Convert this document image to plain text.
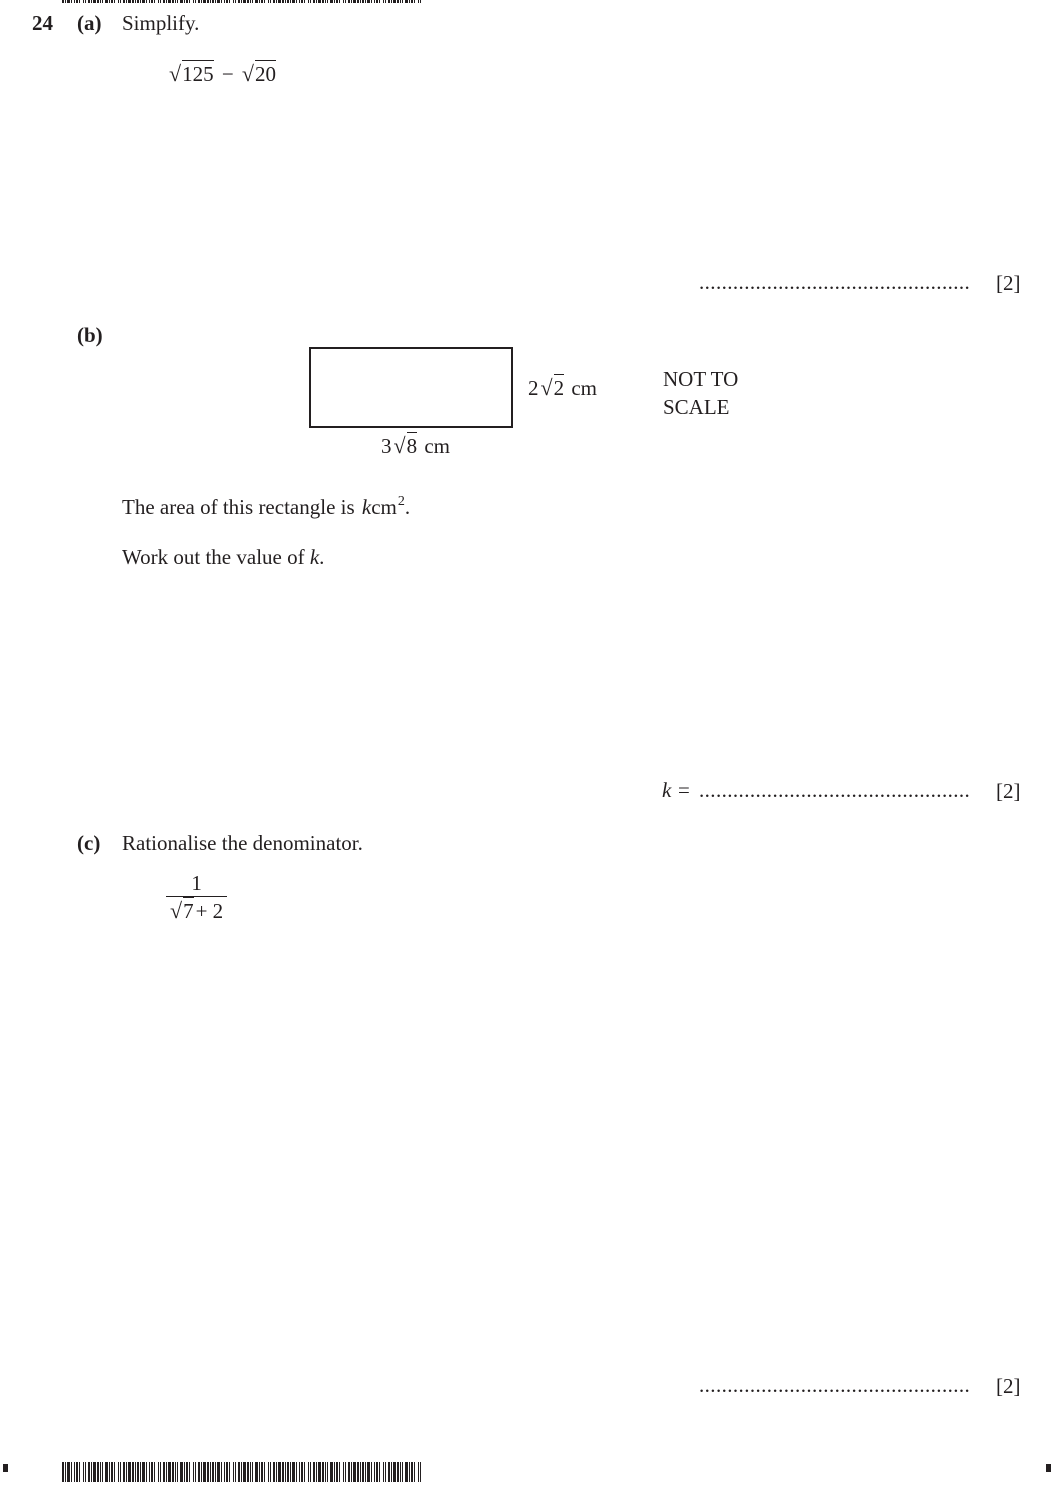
24 (a) Simplify.
√125 − √20
................................................ [2]
(b)
2√2 cm
3√8 cm
NOT TO
SCALE
The area of this rectangle is kcm$^2$.
Work out the value of k.
k = ................................................ [2]
(c) Rationalise the denominator.
$\frac{1}{√7+ 2}$
................................................ [2]
